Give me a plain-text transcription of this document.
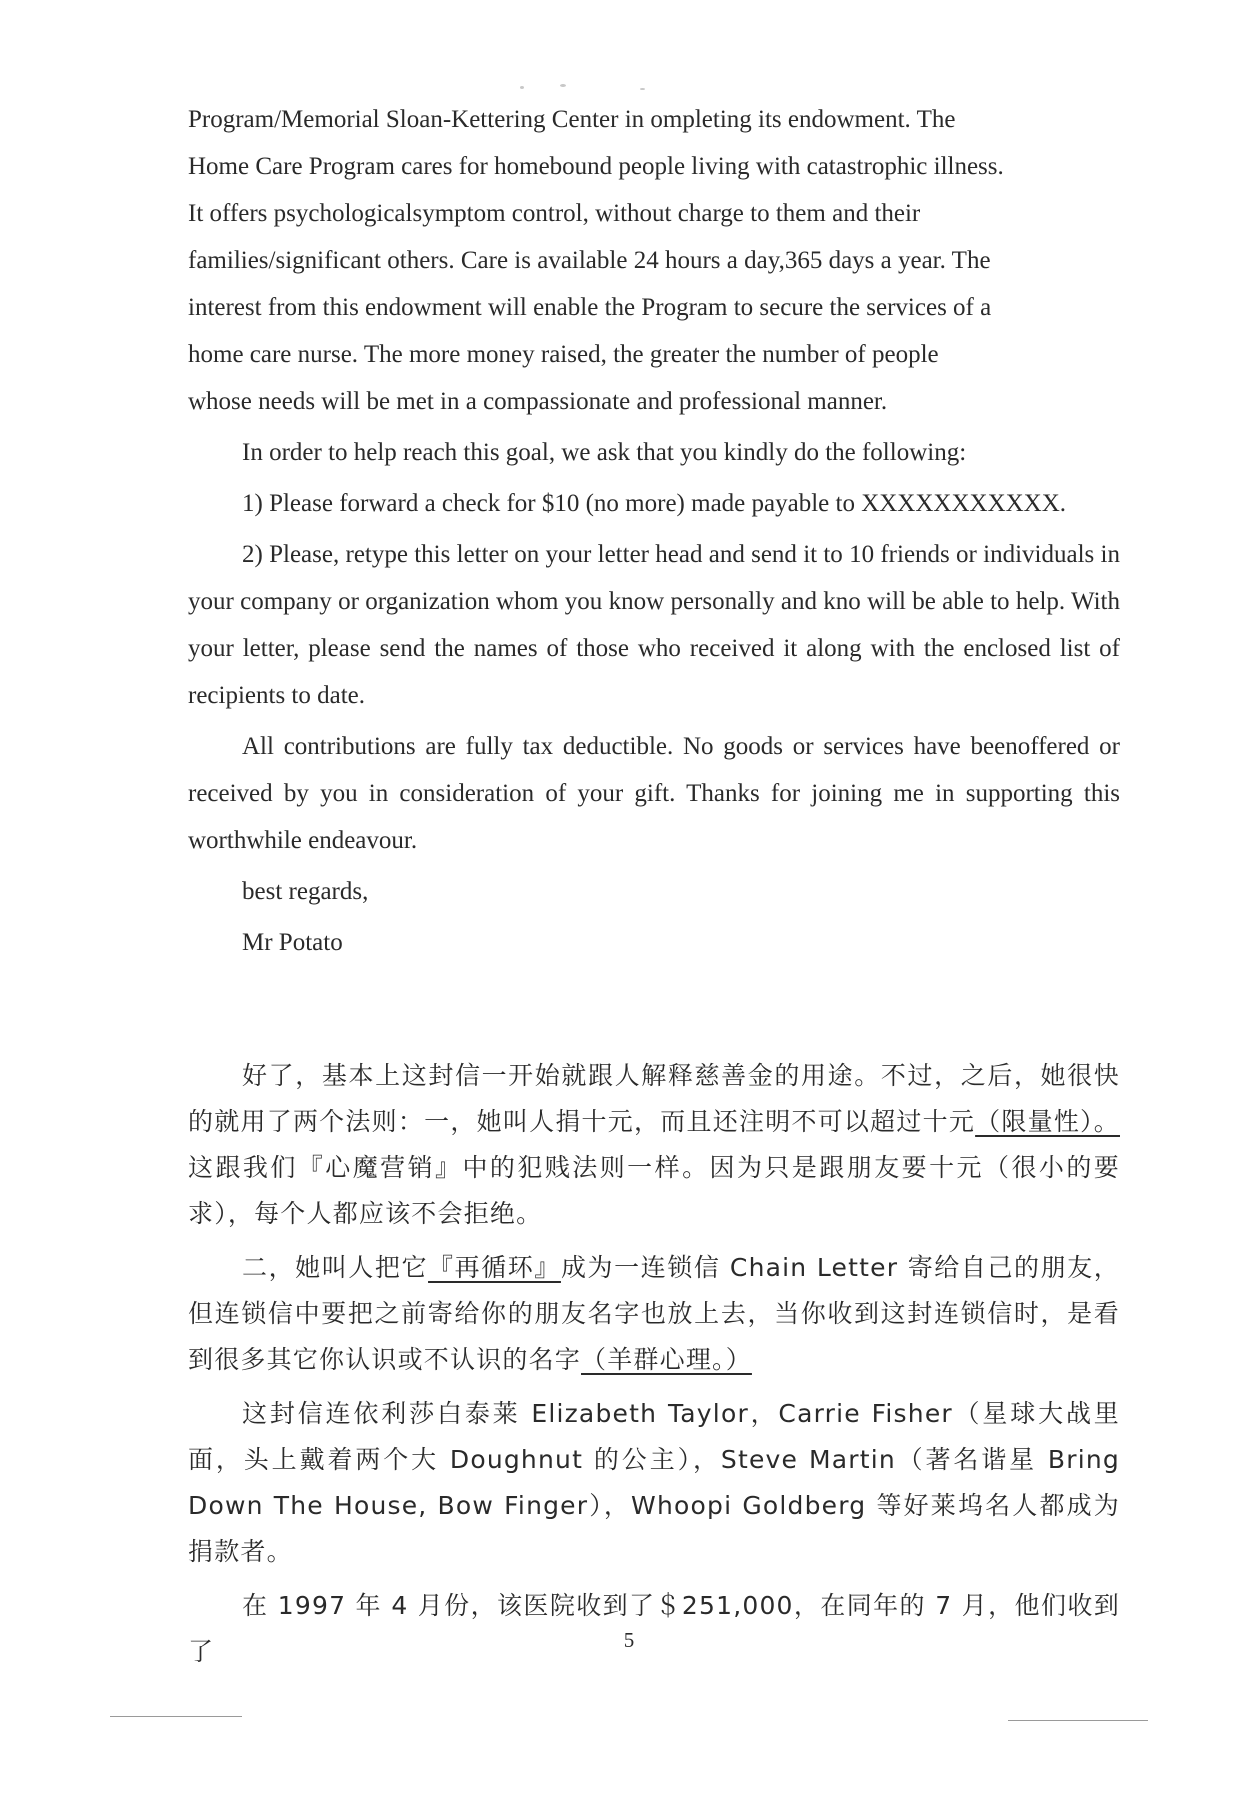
Program/Memorial Sloan-Kettering Center in ompleting its endowment. The
Home Care Program cares for homebound people living with catastrophic illness.
It offers psychologicalsymptom control, without charge to them and their
families/significant others. Care is available 24 hours a day,365 days a year. The
interest from this endowment will enable the Program to secure the services of a
home care nurse. The more money raised, the greater the number of people
whose needs will be met in a compassionate and professional manner.

In order to help reach this goal, we ask that you kindly do the following:

1) Please forward a check for $10 (no more) made payable to XXXXXXXXXXX.

2) Please, retype this letter on your letter head and send it to 10 friends or individuals in your company or organization whom you know personally and kno will be able to help. With your letter, please send the names of those who received it along with the enclosed list of recipients to date.

All contributions are fully tax deductible. No goods or services have beenoffered or received by you in consideration of your gift. Thanks for joining me in supporting this worthwhile endeavour.

best regards,

Mr Potato

好了，基本上这封信一开始就跟人解释慈善金的用途。不过，之后，她很快的就用了两个法则：一，她叫人捐十元，而且还注明不可以超过十元（限量性）。这跟我们『心魔营销』中的犯贱法则一样。因为只是跟朋友要十元（很小的要求），每个人都应该不会拒绝。

二，她叫人把它『再循环』成为一连锁信 Chain Letter 寄给自己的朋友，但连锁信中要把之前寄给你的朋友名字也放上去，当你收到这封连锁信时，是看到很多其它你认识或不认识的名字（羊群心理。）

这封信连依利莎白泰莱 Elizabeth Taylor，Carrie Fisher（星球大战里面，头上戴着两个大 Doughnut 的公主），Steve Martin（著名谐星 Bring Down The House, Bow Finger），Whoopi Goldberg 等好莱坞名人都成为捐款者。

在 1997 年 4 月份，该医院收到了＄251,000，在同年的 7 月，他们收到了	5
